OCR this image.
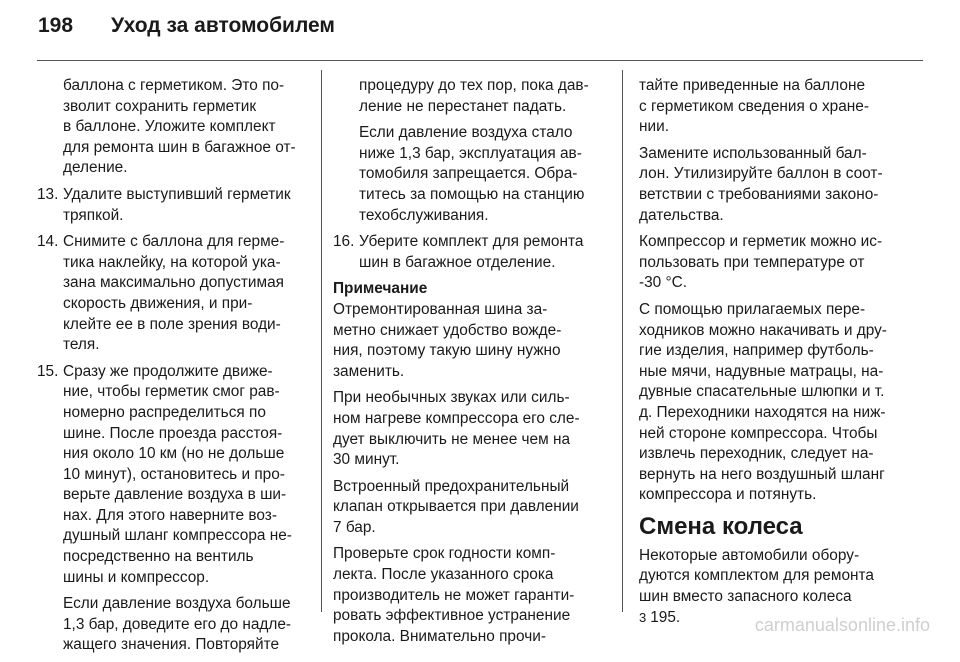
198 Уход за автомобилем
баллона с герметиком. Это по-
зволит сохранить герметик
в баллоне. Уложите комплект
для ремонта шин в багажное от-
деление.
13. Удалите выступивший герметик
тряпкой.
14. Снимите с баллона для герме-
тика наклейку, на которой ука-
зана максимально допустимая
скорость движения, и при-
клейте ее в поле зрения води-
теля.
15. Сразу же продолжите движе-
ние, чтобы герметик смог рав-
номерно распределиться по
шине. После проезда расстоя-
ния около 10 км (но не дольше
10 минут), остановитесь и про-
верьте давление воздуха в ши-
нах. Для этого наверните воз-
душный шланг компрессора не-
посредственно на вентиль
шины и компрессор.
Если давление воздуха больше
1,3 бар, доведите его до надле-
жащего значения. Повторяйте
процедуру до тех пор, пока дав-
ление не перестанет падать.
Если давление воздуха стало
ниже 1,3 бар, эксплуатация ав-
томобиля запрещается. Обра-
титесь за помощью на станцию
техобслуживания.
16. Уберите комплект для ремонта
шин в багажное отделение.
Примечание
Отремонтированная шина за-
метно снижает удобство вожде-
ния, поэтому такую шину нужно
заменить.
При необычных звуках или силь-
ном нагреве компрессора его сле-
дует выключить не менее чем на
30 минут.
Встроенный предохранительный
клапан открывается при давлении
7 бар.
Проверьте срок годности комп-
лекта. После указанного срока
производитель не может гаранти-
ровать эффективное устранение
прокола. Внимательно прочи-
тайте приведенные на баллоне
с герметиком сведения о хране-
нии.
Замените использованный бал-
лон. Утилизируйте баллон в соот-
ветствии с требованиями законо-
дательства.
Компрессор и герметик можно ис-
пользовать при температуре от
-30 °C.
С помощью прилагаемых пере-
ходников можно накачивать и дру-
гие изделия, например футболь-
ные мячи, надувные матрацы, на-
дувные спасательные шлюпки и т.
д. Переходники находятся на ниж-
ней стороне компрессора. Чтобы
извлечь переходник, следует на-
вернуть на него воздушный шланг
компрессора и потянуть.
Смена колеса
Некоторые автомобили обору-
дуются комплектом для ремонта
шин вместо запасного колеса
3 195.	carmanualsonline.info
